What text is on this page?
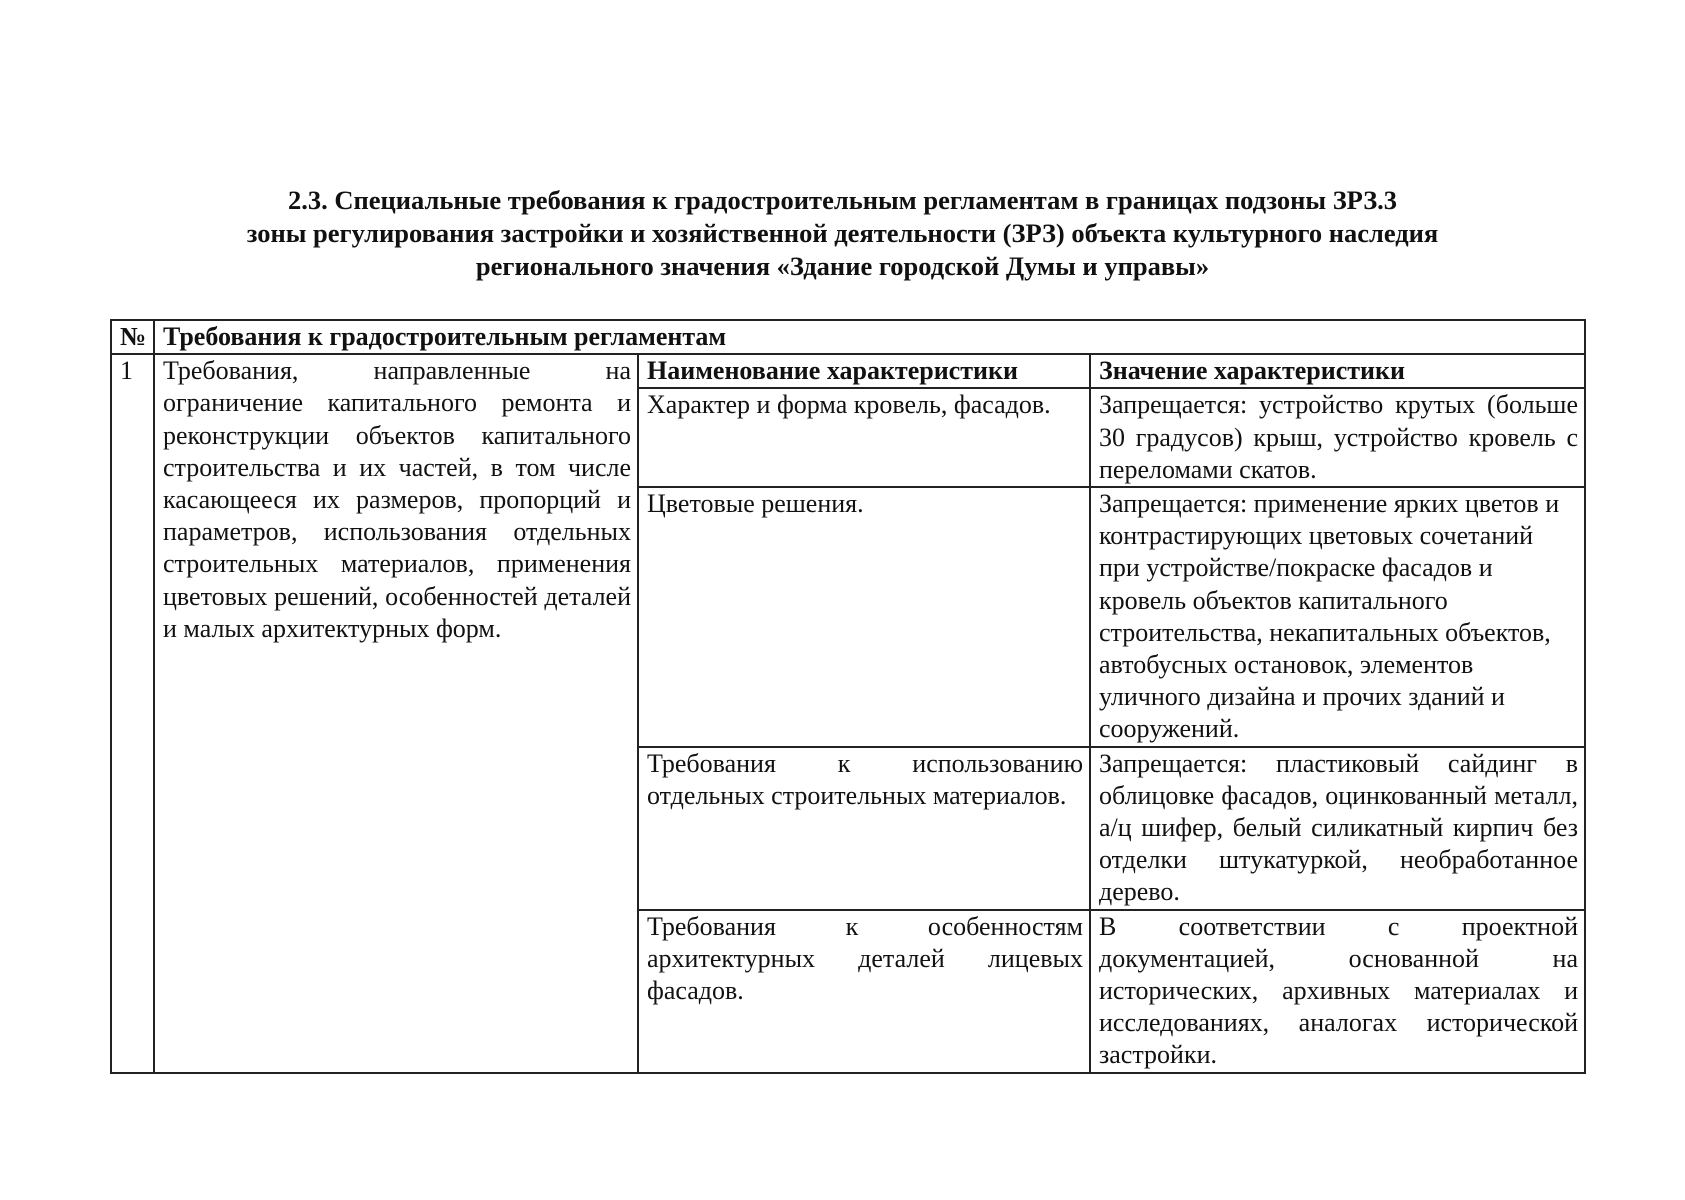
2.3. Специальные требования к градостроительным регламентам в границах подзоны ЗРЗ.3
зоны регулирования застройки и хозяйственной деятельности (ЗРЗ) объекта культурного наследия
регионального значения «Здание городской Думы и управы»
№	Требования к градостроительным регламентам		
1	Требования, направленные на ограничение капитального ремонта и реконструкции объектов капитального строительства и их частей, в том числе касающееся их размеров, пропорций и параметров, использования отдельных строительных материалов, применения цветовых решений, особенностей деталей и малых архитектурных форм.	Наименование характеристики	Значение характеристики
		Характер и форма кровель, фасадов.	Запрещается: устройство крутых (больше 30 градусов) крыш, устройство кровель с переломами скатов.
		Цветовые решения.	Запрещается: применение ярких цветов и контрастирующих цветовых сочетаний при устройстве/покраске фасадов и кровель объектов капитального строительства, некапитальных объектов, автобусных остановок, элементов уличного дизайна и прочих зданий и сооружений.
		Требования к использованию отдельных строительных материалов.	Запрещается: пластиковый сайдинг в облицовке фасадов, оцинкованный металл, а/ц шифер, белый силикатный кирпич без отделки штукатуркой, необработанное дерево.
		Требования к особенностям архитектурных деталей лицевых фасадов.	В соответствии с проектной документацией, основанной на исторических, архивных материалах и исследованиях, аналогах исторической застройки.
